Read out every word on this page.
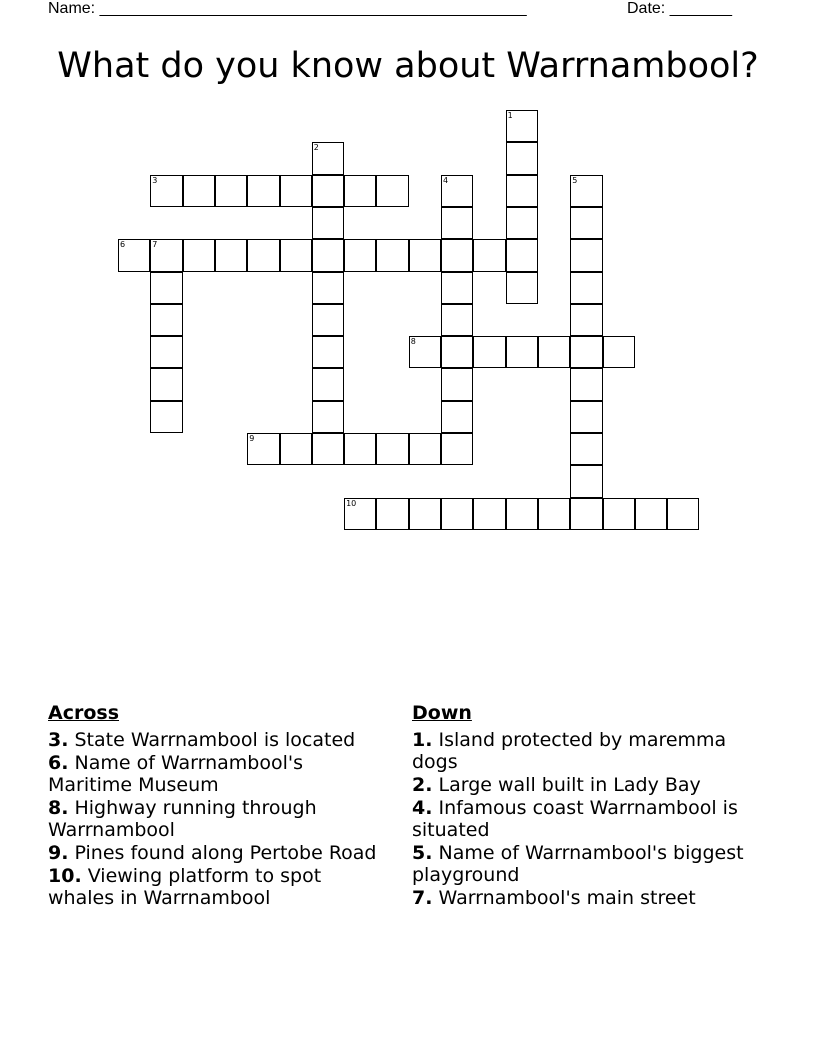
Name: ________________________________________________	Date: _______
What do you know about Warrnambool?
1
2
3	4	5
6	7
8
9
10
Across
3. State Warrnambool is located
6. Name of Warrnambool's Maritime Museum
8. Highway running through Warrnambool
9. Pines found along Pertobe Road
10. Viewing platform to spot whales in Warrnambool
Down
1. Island protected by maremma dogs
2. Large wall built in Lady Bay
4. Infamous coast Warrnambool is situated
5. Name of Warrnambool's biggest playground
7. Warrnambool's main street
